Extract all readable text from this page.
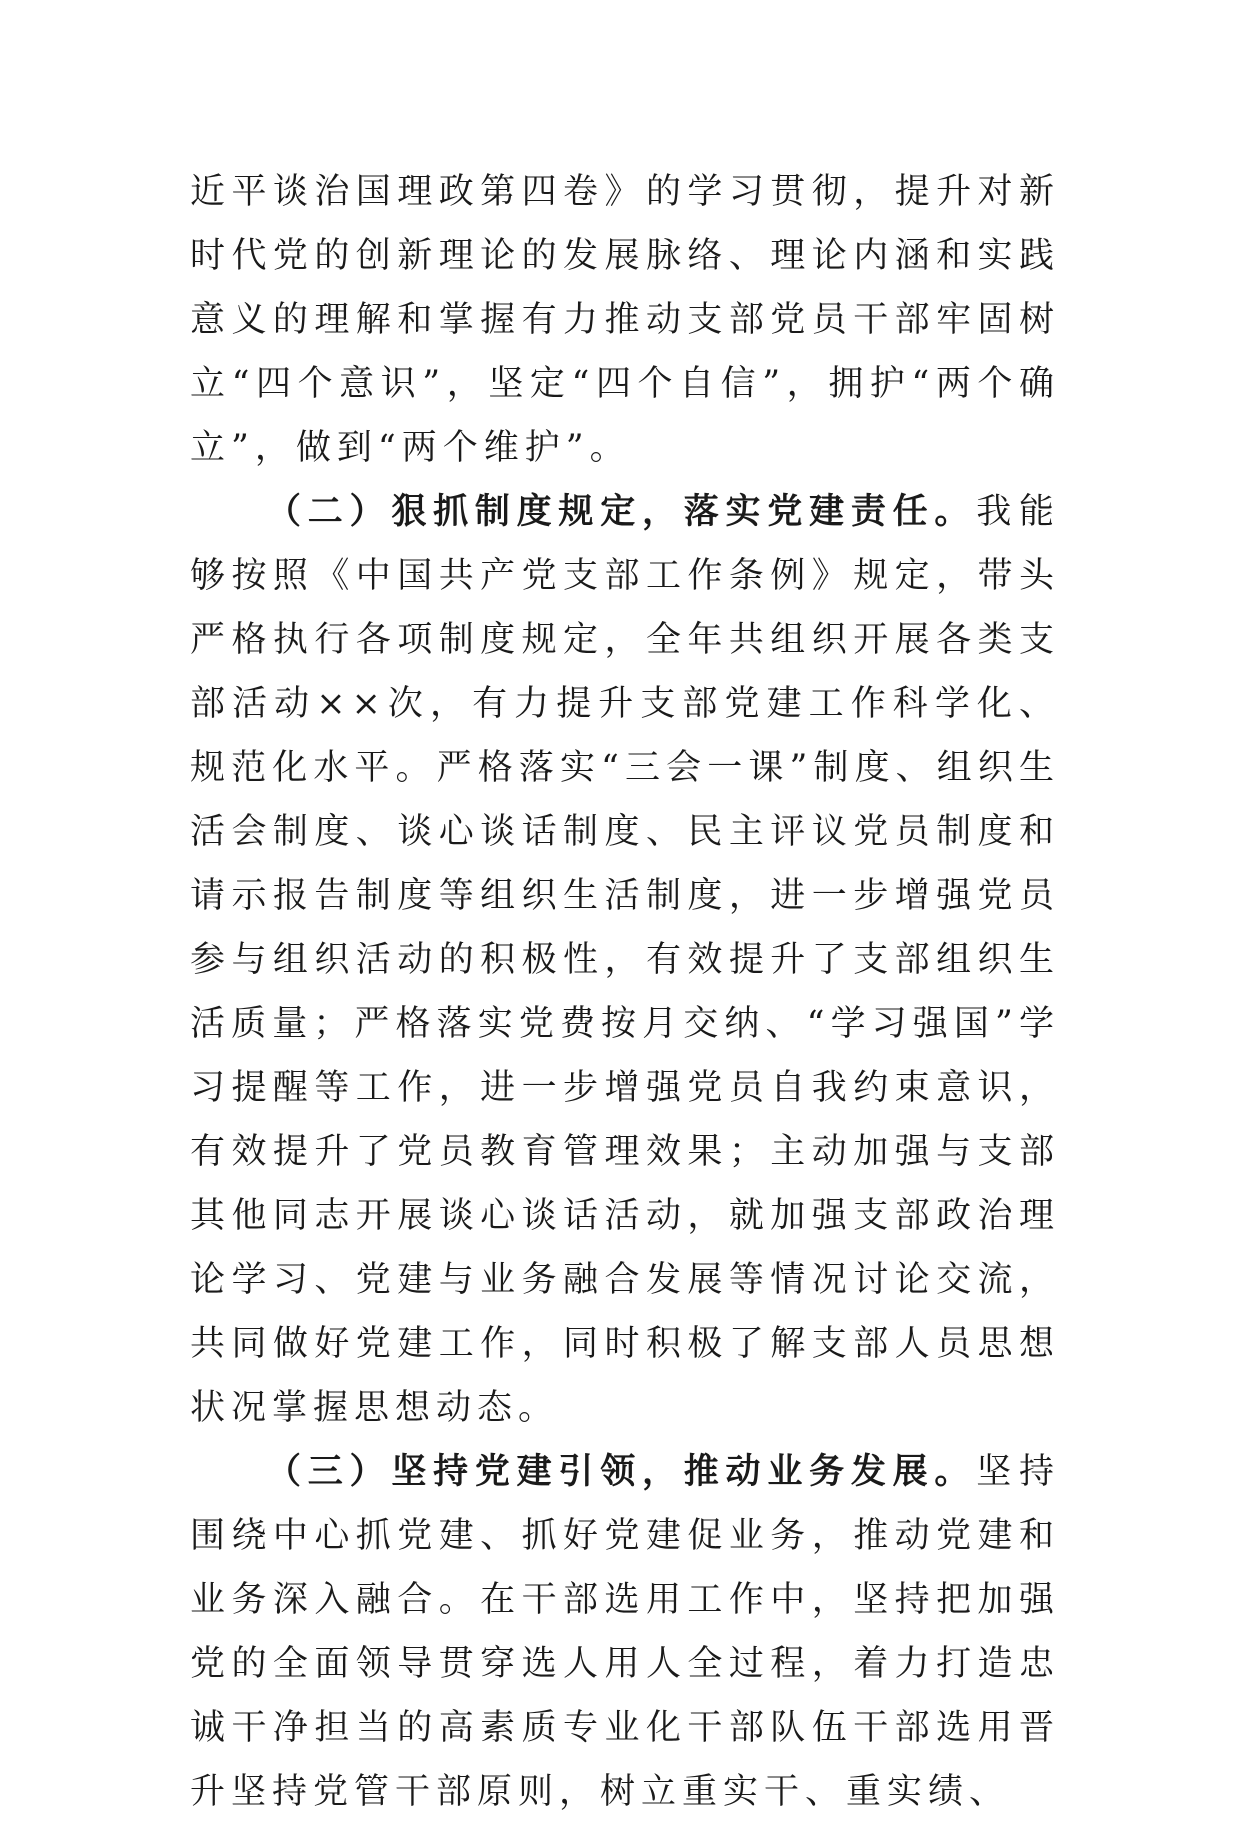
近平谈治国理政第四卷》的学习贯彻，提升对新时代党的创新理论的发展脉络、理论内涵和实践意义的理解和掌握有力推动支部党员干部牢固树立“四个意识”，坚定“四个自信”，拥护“两个确立”，做到“两个维护”。

（二）狠抓制度规定，落实党建责任。我能够按照《中国共产党支部工作条例》规定，带头严格执行各项制度规定，全年共组织开展各类支部活动××次，有力提升支部党建工作科学化、规范化水平。严格落实“三会一课”制度、组织生活会制度、谈心谈话制度、民主评议党员制度和请示报告制度等组织生活制度，进一步增强党员参与组织活动的积极性，有效提升了支部组织生活质量；严格落实党费按月交纳、“学习强国”学习提醒等工作，进一步增强党员自我约束意识，有效提升了党员教育管理效果；主动加强与支部其他同志开展谈心谈话活动，就加强支部政治理论学习、党建与业务融合发展等情况讨论交流，共同做好党建工作，同时积极了解支部人员思想状况掌握思想动态。

（三）坚持党建引领，推动业务发展。坚持围绕中心抓党建、抓好党建促业务，推动党建和业务深入融合。在干部选用工作中，坚持把加强党的全面领导贯穿选人用人全过程，着力打造忠诚干净担当的高素质专业化干部队伍干部选用晋升坚持党管干部原则，树立重实干、重实绩、
